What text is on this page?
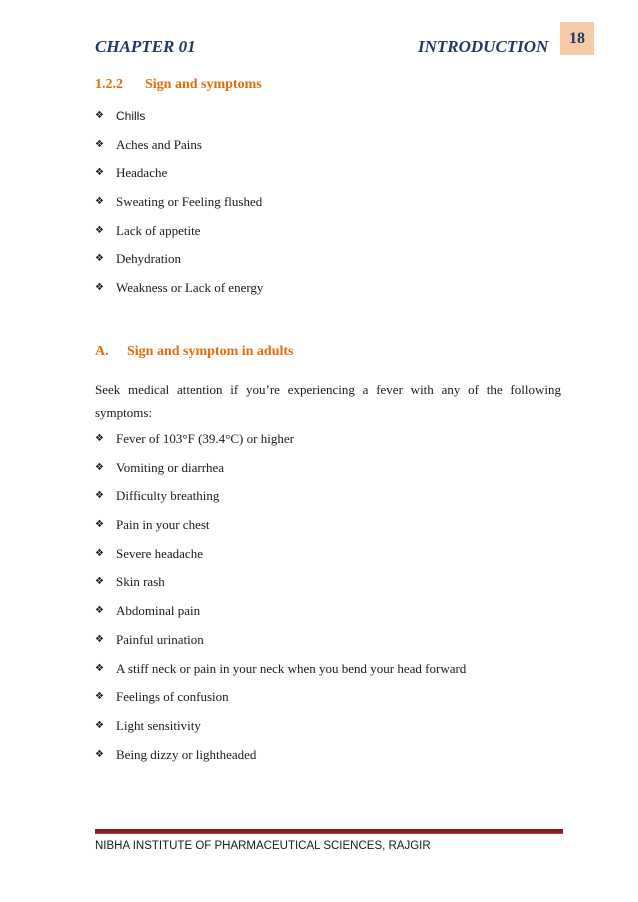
CHAPTER 01	INTRODUCTION	18
1.2.2 Sign and symptoms
❖	Chills
❖ Aches and Pains
❖ Headache
❖ Sweating or Feeling flushed
❖ Lack of appetite
❖ Dehydration
❖ Weakness or Lack of energy
A. Sign and symptom in adults
Seek medical attention if you’re experiencing a fever with any of the following symptoms:
❖ Fever of 103°F (39.4°C) or higher
❖ Vomiting or diarrhea
❖ Difficulty breathing
❖ Pain in your chest
❖ Severe headache
❖ Skin rash
❖ Abdominal pain
❖ Painful urination
❖ A stiff neck or pain in your neck when you bend your head forward
❖ Feelings of confusion
❖ Light sensitivity
❖ Being dizzy or lightheaded
NIBHA INSTITUTE OF PHARMACEUTICAL SCIENCES, RAJGIR
